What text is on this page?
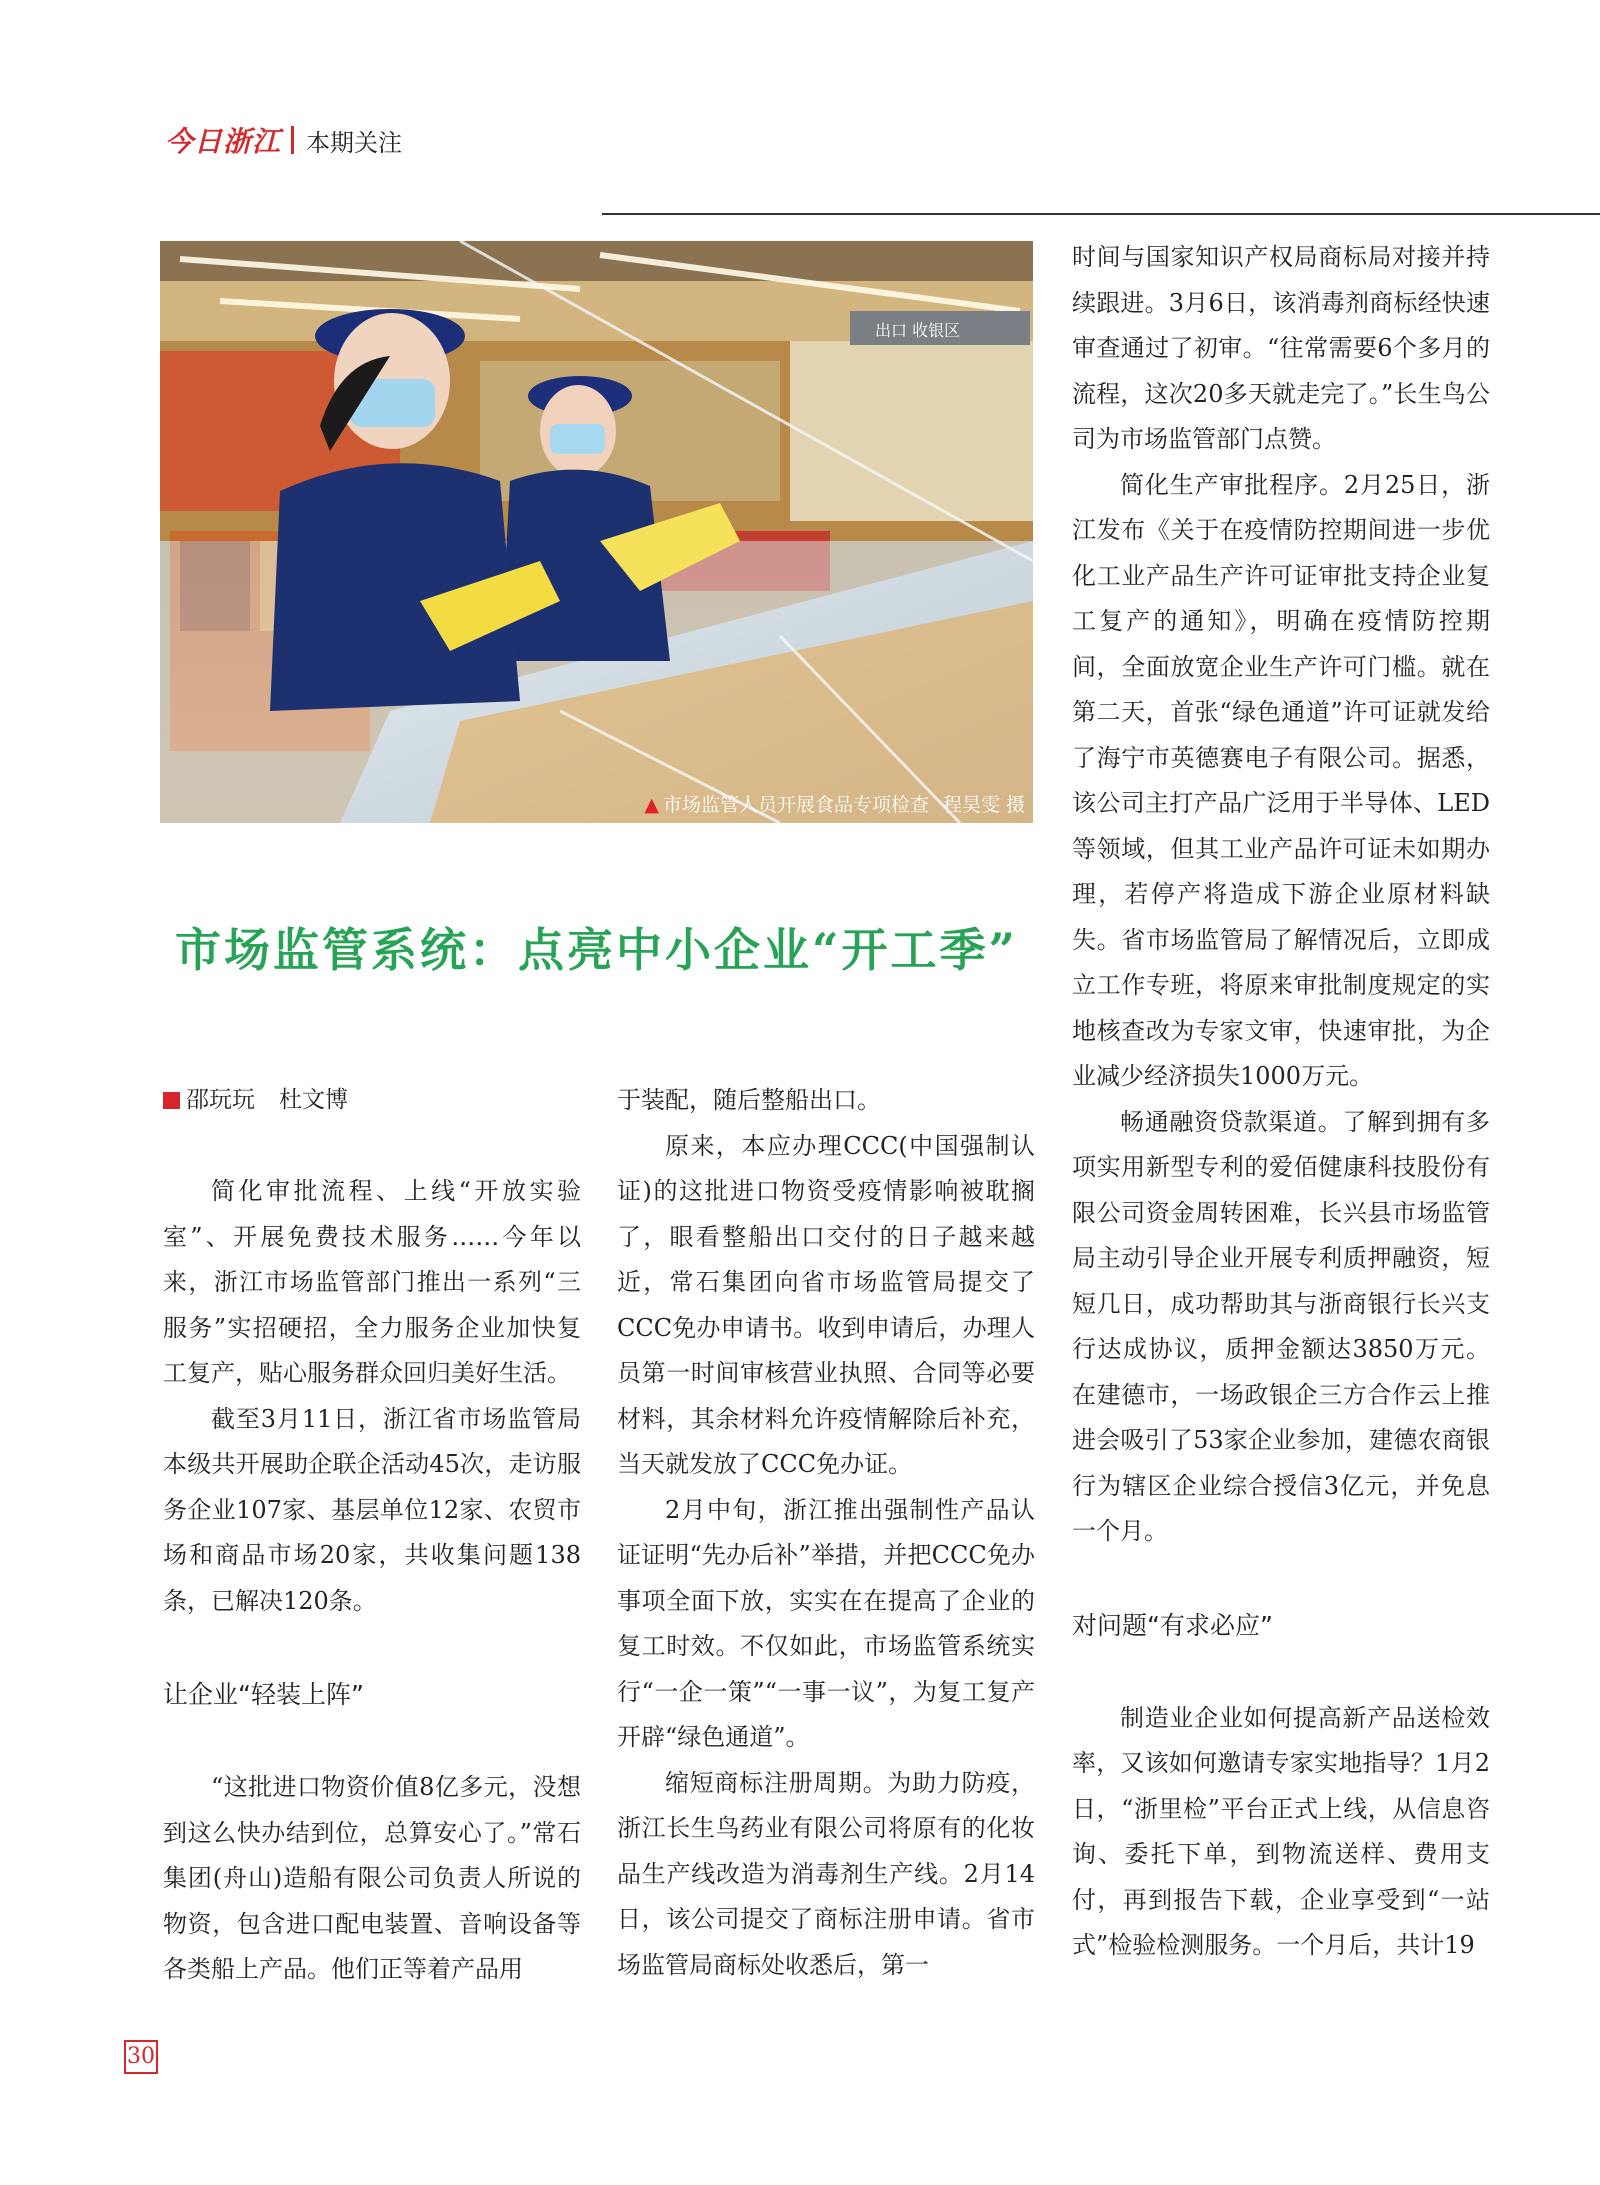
今日浙江 本期关注
出口 收银区
▲ 市场监管人员开展食品专项检查 程昊雯 摄
市场监管系统：点亮中小企业“开工季”
邵玩玩 杜文博

简化审批流程、上线“开放实验室”、开展免费技术服务……今年以来，浙江市场监管部门推出一系列“三服务”实招硬招，全力服务企业加快复工复产，贴心服务群众回归美好生活。

截至3月11日，浙江省市场监管局本级共开展助企联企活动45次，走访服务企业107家、基层单位12家、农贸市场和商品市场20家，共收集问题138条，已解决120条。

让企业“轻装上阵”

“这批进口物资价值8亿多元，没想到这么快办结到位，总算安心了。”常石集团(舟山)造船有限公司负责人所说的物资，包含进口配电装置、音响设备等各类船上产品。他们正等着产品用

于装配，随后整船出口。

原来，本应办理CCC(中国强制认证)的这批进口物资受疫情影响被耽搁了，眼看整船出口交付的日子越来越近，常石集团向省市场监管局提交了CCC免办申请书。收到申请后，办理人员第一时间审核营业执照、合同等必要材料，其余材料允许疫情解除后补充，当天就发放了CCC免办证。

2月中旬，浙江推出强制性产品认证证明“先办后补”举措，并把CCC免办事项全面下放，实实在在提高了企业的复工时效。不仅如此，市场监管系统实行“一企一策”“一事一议”，为复工复产开辟“绿色通道”。

缩短商标注册周期。为助力防疫，浙江长生鸟药业有限公司将原有的化妆品生产线改造为消毒剂生产线。2月14日，该公司提交了商标注册申请。省市场监管局商标处收悉后，第一

时间与国家知识产权局商标局对接并持续跟进。3月6日，该消毒剂商标经快速审查通过了初审。“往常需要6个多月的流程，这次20多天就走完了。”长生鸟公司为市场监管部门点赞。

简化生产审批程序。2月25日，浙江发布《关于在疫情防控期间进一步优化工业产品生产许可证审批支持企业复工复产的通知》，明确在疫情防控期间，全面放宽企业生产许可门槛。就在第二天，首张“绿色通道”许可证就发给了海宁市英德赛电子有限公司。据悉，该公司主打产品广泛用于半导体、LED等领域，但其工业产品许可证未如期办理，若停产将造成下游企业原材料缺失。省市场监管局了解情况后，立即成立工作专班，将原来审批制度规定的实地核查改为专家文审，快速审批，为企业减少经济损失1000万元。

畅通融资贷款渠道。了解到拥有多项实用新型专利的爱佰健康科技股份有限公司资金周转困难，长兴县市场监管局主动引导企业开展专利质押融资，短短几日，成功帮助其与浙商银行长兴支行达成协议，质押金额达3850万元。在建德市，一场政银企三方合作云上推进会吸引了53家企业参加，建德农商银行为辖区企业综合授信3亿元，并免息一个月。

对问题“有求必应”

制造业企业如何提高新产品送检效率，又该如何邀请专家实地指导？1月2日，“浙里检”平台正式上线，从信息咨询、委托下单，到物流送样、费用支付，再到报告下载，企业享受到“一站式”检验检测服务。一个月后，共计19

30
